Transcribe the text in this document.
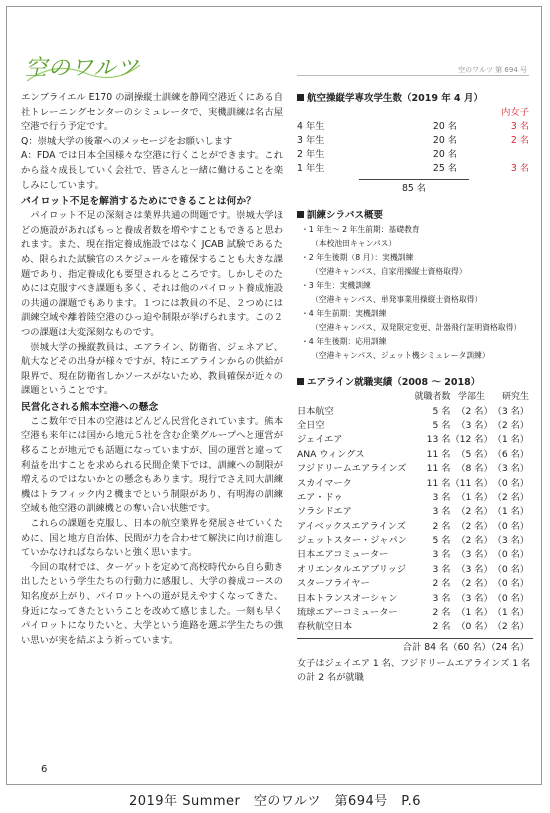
空のワルツ	空のワルツ 第 694 号

エンブライエル E170 の副操縦士訓練を静岡空港近くにある自社トレーニングセンターのシミュレータで、実機訓練は名古屋空港で行う予定です。

Q：崇城大学の後輩へのメッセージをお願いします

A：FDA では日本全国様々な空港に行くことができます。これから益々成長していく会社で、皆さんと一緒に働けることを楽しみにしています。

パイロット不足を解消するためにできることは何か？

パイロット不足の深刻さは業界共通の問題です。崇城大学ほどの施設があればもっと養成者数を増やすこともできると思われます。また、現在指定養成施設ではなく JCAB 試験であるため、限られた試験官のスケジュールを確保することも大きな課題であり、指定養成化も要望されるところです。しかしそのためには克服すべき課題も多く、それは他のパイロット養成施設の共通の課題でもあります。１つには教員の不足、２つめには訓練空域や離着陸空港のひっ迫や制限が挙げられます。この２つの課題は大変深刻なものです。

崇城大学の操縦教員は、エアライン、防衛省、ジェネアビ、航大などその出身が様々ですが、特にエアラインからの供給が限界で、現在防衛省しかソースがないため、教員確保が近々の課題ということです。

民営化される熊本空港への懸念

ここ数年で日本の空港はどんどん民営化されています。熊本空港も来年には国から地元５社を含む企業グループへと運営が移ることが地元でも話題になっていますが、国の運営と違って利益を出すことを求められる民間企業下では、訓練への制限が増えるのではないかとの懸念もあります。現行でさえ同大訓練機はトラフィック内２機までという制限があり、有明海の訓練空域も他空港の訓練機との奪い合い状態です。

これらの課題を克服し、日本の航空業界を発展させていくために、国と地方自治体、民間が力を合わせて解決に向け前進していかなければならないと強く思います。

今回の取材では、ターゲットを定めて高校時代から自ら動き出したという学生たちの行動力に感服し、大学の養成コースの知名度が上がり、パイロットへの道が見えやすくなってきた、身近になってきたということを改めて感じました。一刻も早くパイロットになりたいと、大学という進路を選ぶ学生たちの強い思いが実を結ぶよう祈っています。

航空操縦学専攻学生数（2019 年 4 月）
内女子
4 年生	20 名	3 名
3 年生	20 名	2 名
2 年生	20 名	
1 年生	25 名	3 名
85 名
訓練シラバス概要
・1 年生～ 2 年生前期：基礎教育
（本校池田キャンパス）
・2 年生後期（8 月）：実機訓練
（空港キャンパス、自家用操縦士資格取得）
・3 年生：実機訓練
（空港キャンパス、単発事業用操縦士資格取得）
・4 年生前期：実機訓練
（空港キャンパス、双発限定変更、計器飛行証明資格取得）
・4 年生後期：応用訓練
（空港キャンパス、ジェット機シミュレータ訓練）
エアライン就職実績（2008 ～ 2018）
	就職者数	学部生	研究生
日本航空	5 名	（2 名）	（3 名）
全日空	5 名	（3 名）	（2 名）
ジェイエア	13 名	（12 名）	（1 名）
ANA ウィングス	11 名	（5 名）	（6 名）
フジドリームエアラインズ	11 名	（8 名）	（3 名）
スカイマーク	11 名	（11 名）	（0 名）
エア・ドゥ	3 名	（1 名）	（2 名）
ソラシドエア	3 名	（2 名）	（1 名）
アイベックスエアラインズ	2 名	（2 名）	（0 名）
ジェットスター・ジャパン	5 名	（2 名）	（3 名）
日本エアコミューター	3 名	（3 名）	（0 名）
オリエンタルエアブリッジ	3 名	（3 名）	（0 名）
スターフライヤー	2 名	（2 名）	（0 名）
日本トランスオーシャン	3 名	（3 名）	（0 名）
琉球エアーコミューター	2 名	（1 名）	（1 名）
春秋航空日本	2 名	（0 名）	（2 名）
合計 84 名（60 名）（24 名）
女子はジェイエア 1 名、フジドリームエアラインズ 1 名の計 2 名が就職
6
2019年 Summer　空のワルツ　第694号　P.6
